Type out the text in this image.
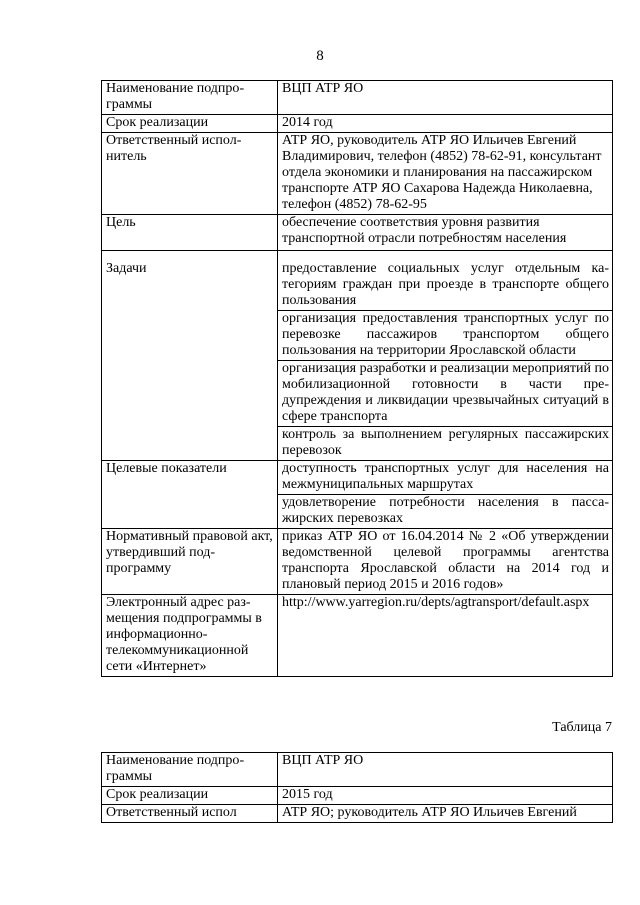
8
Наименование подпрограммы	ВЦП АТР ЯО
Срок реализации	2014 год
Ответственный исполнитель	АТР ЯО, руководитель АТР ЯО Ильичев Евгений Владимирович, телефон (4852) 78-62-91, консультант отдела экономики и планирования на пассажирском транспорте АТР ЯО Сахарова Надежда Николаевна, телефон (4852) 78-62-95
Цель	обеспечение соответствия уровня развития транспортной отрасли потребностям населения
Задачи	предоставление социальных услуг отдельным категориям граждан при проезде в транспорте общего пользования
	организация предоставления транспортных услуг по перевозке пассажиров транспортом общего пользования на территории Ярославской области
	организация разработки и реализации мероприятий по мобилизационной готовности в части предупреждения и ликвидации чрезвычайных ситуаций в сфере транспорта
	контроль за выполнением регулярных пассажирских перевозок
Целевые показатели	доступность транспортных услуг для населения на межмуниципальных маршрутах
	удовлетворение потребности населения в пассажирских перевозках
Нормативный правовой акт, утвердивший подпрограмму	приказ АТР ЯО от 16.04.2014 № 2 «Об утверждении ведомственной целевой программы агентства транспорта Ярославской области на 2014 год и плановый период 2015 и 2016 годов»
Электронный адрес размещения подпрограммы в информационно-телекоммуникационной сети «Интернет»	http://www.yarregion.ru/depts/agtransport/default.aspx
Таблица 7
Наименование подпрограммы	ВЦП АТР ЯО
Срок реализации	2015 год
Ответственный испол	АТР ЯО; руководитель АТР ЯО Ильичев Евгений
